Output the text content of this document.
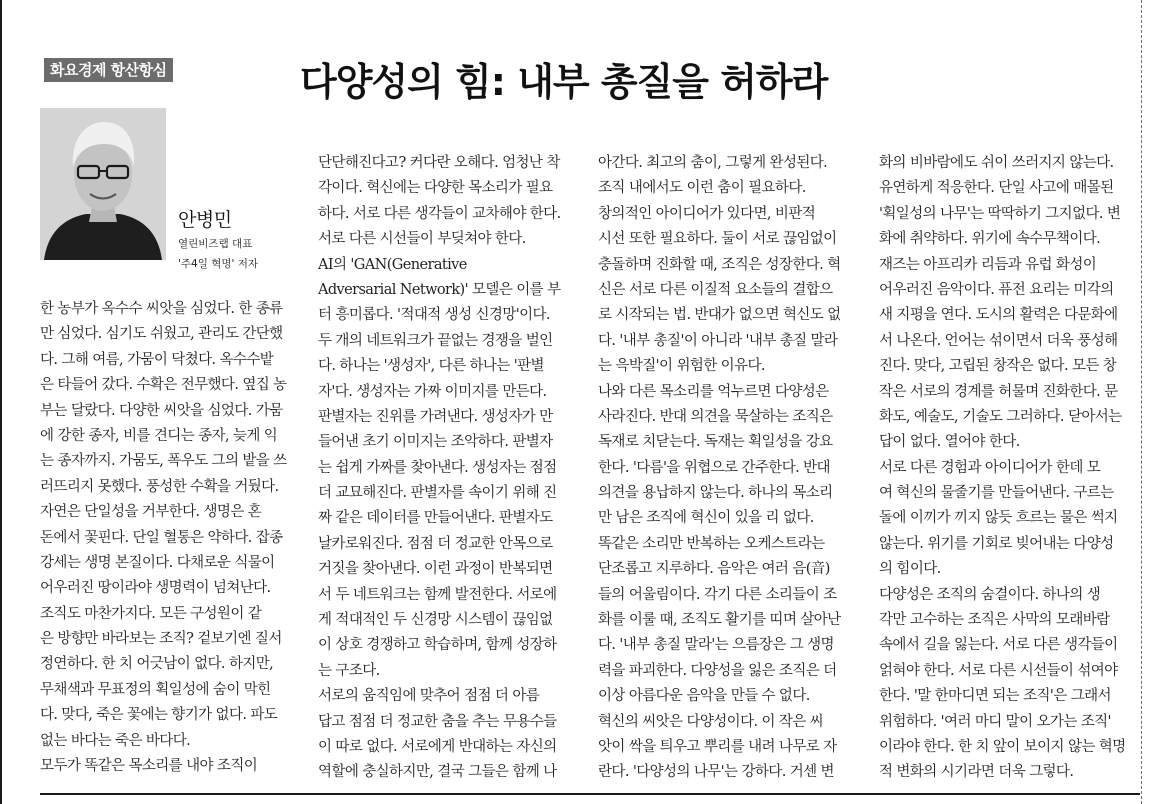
화요경제 항산항심	다양성의 힘: 내부 총질을 허하라
안병민
열린비즈랩 대표
'주4일 혁명' 저자
한 농부가 옥수수 씨앗을 심었다. 한 종류
만 심었다. 심기도 쉬웠고, 관리도 간단했
다. 그해 여름, 가뭄이 닥쳤다. 옥수수밭
은 타들어 갔다. 수확은 전무했다. 옆집 농
부는 달랐다. 다양한 씨앗을 심었다. 가뭄
에 강한 종자, 비를 견디는 종자, 늦게 익
는 종자까지. 가뭄도, 폭우도 그의 밭을 쓰
러뜨리지 못했다. 풍성한 수확을 거뒀다.
자연은 단일성을 거부한다. 생명은 혼
돈에서 꽃핀다. 단일 혈통은 약하다. 잡종
강세는 생명 본질이다. 다채로운 식물이
어우러진 땅이라야 생명력이 넘쳐난다.
조직도 마찬가지다. 모든 구성원이 같
은 방향만 바라보는 조직? 겉보기엔 질서
정연하다. 한 치 어긋남이 없다. 하지만,
무채색과 무표정의 획일성에 숨이 막힌
다. 맞다, 죽은 꽃에는 향기가 없다. 파도
없는 바다는 죽은 바다다.
모두가 똑같은 목소리를 내야 조직이
단단해진다고? 커다란 오해다. 엄청난 착
각이다. 혁신에는 다양한 목소리가 필요
하다. 서로 다른 생각들이 교차해야 한다.
서로 다른 시선들이 부딪쳐야 한다.
AI의 'GAN(Generative
Adversarial Network)' 모델은 이를 부
터 흥미롭다. '적대적 생성 신경망'이다.
두 개의 네트워크가 끝없는 경쟁을 벌인
다. 하나는 '생성자', 다른 하나는 '판별
자'다. 생성자는 가짜 이미지를 만든다.
판별자는 진위를 가려낸다. 생성자가 만
들어낸 초기 이미지는 조악하다. 판별자
는 쉽게 가짜를 찾아낸다. 생성자는 점점
더 교묘해진다. 판별자를 속이기 위해 진
짜 같은 데이터를 만들어낸다. 판별자도
날카로워진다. 점점 더 정교한 안목으로
거짓을 찾아낸다. 이런 과정이 반복되면
서 두 네트워크는 함께 발전한다. 서로에
게 적대적인 두 신경망 시스템이 끊임없
이 상호 경쟁하고 학습하며, 함께 성장하
는 구조다.
서로의 움직임에 맞추어 점점 더 아름
답고 점점 더 정교한 춤을 추는 무용수들
이 따로 없다. 서로에게 반대하는 자신의
역할에 충실하지만, 결국 그들은 함께 나
아간다. 최고의 춤이, 그렇게 완성된다.
조직 내에서도 이런 춤이 필요하다.
창의적인 아이디어가 있다면, 비판적
시선 또한 필요하다. 둘이 서로 끊임없이
충돌하며 진화할 때, 조직은 성장한다. 혁
신은 서로 다른 이질적 요소들의 결합으
로 시작되는 법. 반대가 없으면 혁신도 없
다. '내부 총질'이 아니라 '내부 총질 말라
는 윽박질'이 위험한 이유다.
나와 다른 목소리를 억누르면 다양성은
사라진다. 반대 의견을 묵살하는 조직은
독재로 치닫는다. 독재는 획일성을 강요
한다. '다름'을 위협으로 간주한다. 반대
의견을 용납하지 않는다. 하나의 목소리
만 남은 조직에 혁신이 있을 리 없다.
똑같은 소리만 반복하는 오케스트라는
단조롭고 지루하다. 음악은 여러 음(音)
들의 어울림이다. 각기 다른 소리들이 조
화를 이룰 때, 조직도 활기를 띠며 살아난
다. '내부 총질 말라'는 으름장은 그 생명
력을 파괴한다. 다양성을 잃은 조직은 더
이상 아름다운 음악을 만들 수 없다.
혁신의 씨앗은 다양성이다. 이 작은 씨
앗이 싹을 틔우고 뿌리를 내려 나무로 자
란다. '다양성의 나무'는 강하다. 거센 변
화의 비바람에도 쉬이 쓰러지지 않는다.
유연하게 적응한다. 단일 사고에 매몰된
'획일성의 나무'는 딱딱하기 그지없다. 변
화에 취약하다. 위기에 속수무책이다.
재즈는 아프리카 리듬과 유럽 화성이
어우러진 음악이다. 퓨전 요리는 미각의
새 지평을 연다. 도시의 활력은 다문화에
서 나온다. 언어는 섞이면서 더욱 풍성해
진다. 맞다, 고립된 창작은 없다. 모든 창
작은 서로의 경계를 허물며 진화한다. 문
화도, 예술도, 기술도 그러하다. 닫아서는
답이 없다. 열어야 한다.
서로 다른 경험과 아이디어가 한데 모
여 혁신의 물줄기를 만들어낸다. 구르는
돌에 이끼가 끼지 않듯 흐르는 물은 썩지
않는다. 위기를 기회로 빚어내는 다양성
의 힘이다.
다양성은 조직의 숨결이다. 하나의 생
각만 고수하는 조직은 사막의 모래바람
속에서 길을 잃는다. 서로 다른 생각들이
얽혀야 한다. 서로 다른 시선들이 섞여야
한다. '말 한마디면 되는 조직'은 그래서
위험하다. '여러 마디 말이 오가는 조직'
이라야 한다. 한 치 앞이 보이지 않는 혁명
적 변화의 시기라면 더욱 그렇다.
